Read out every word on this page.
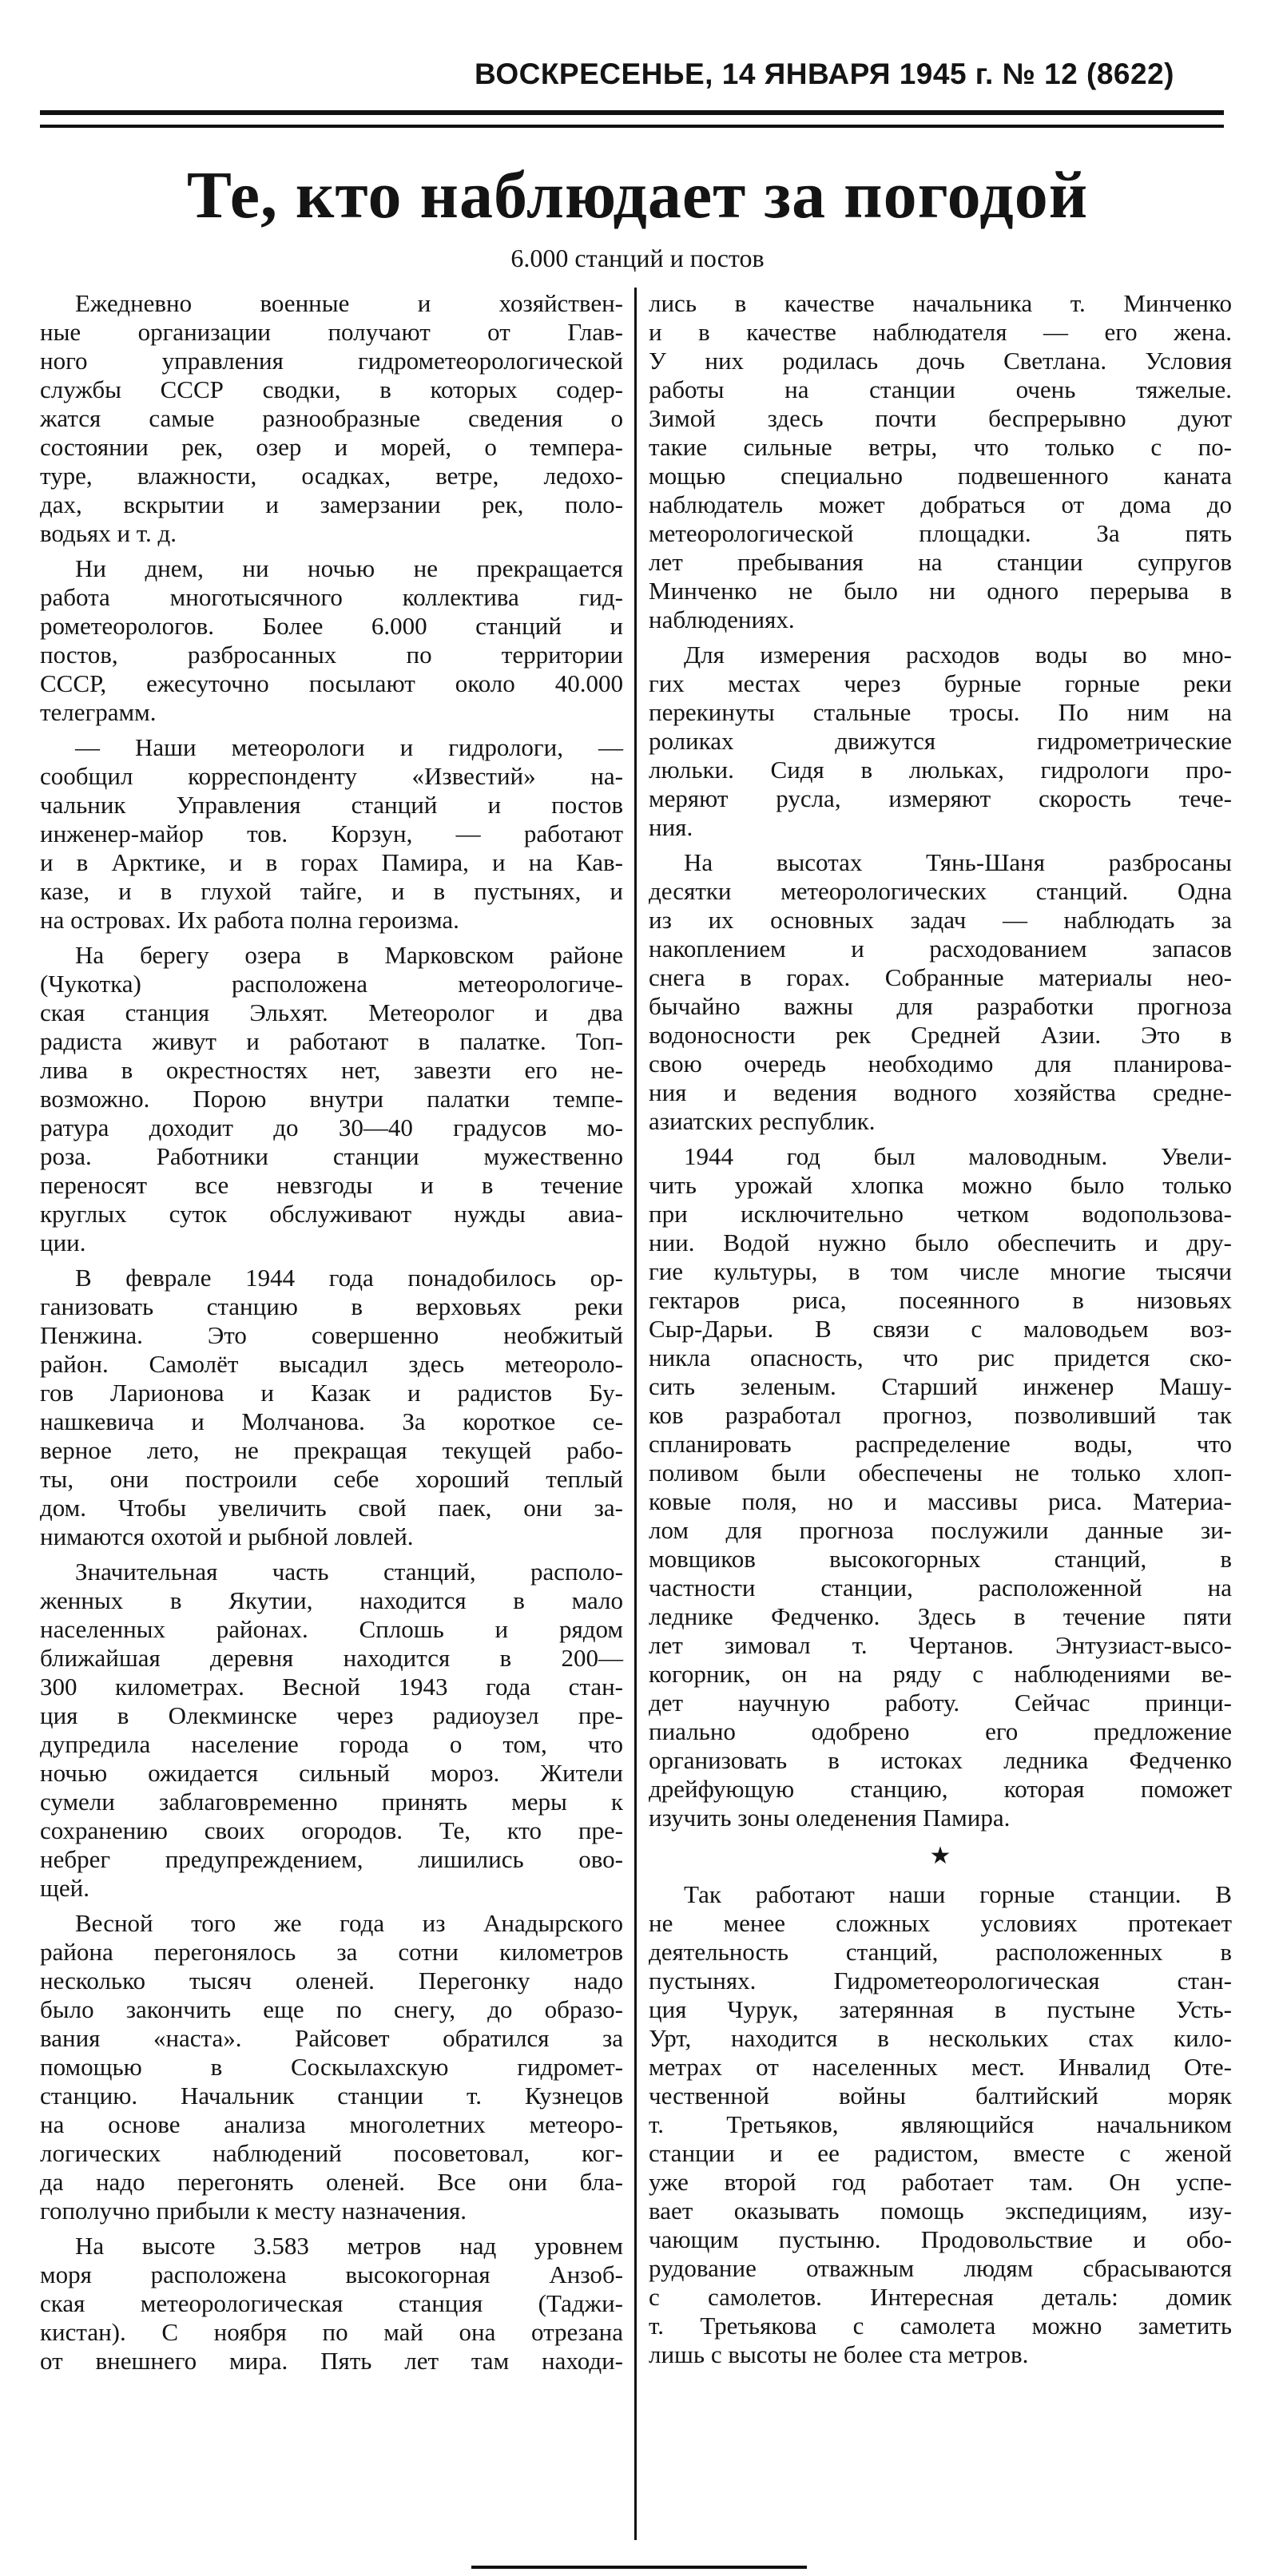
ВОСКРЕСЕНЬЕ, 14 ЯНВАРЯ 1945 г. № 12 (8622)
Те, кто наблюдает за погодой
6.000 станций и постов
Ежедневно военные и хозяйствен-
ные организации получают от Глав-
ного управления гидрометеорологической
службы СССР сводки, в которых содер-
жатся самые разнообразные сведения о
состоянии рек, озер и морей, о темпера-
туре, влажности, осадках, ветре, ледохо-
дах, вскрытии и замерзании рек, поло-
водьях и т. д.
Ни днем, ни ночью не прекращается
работа многотысячного коллектива гид-
рометеорологов. Более 6.000 станций и
постов, разбросанных по территории
СССР, ежесуточно посылают около 40.000
телеграмм.
— Наши метеорологи и гидрологи, —
сообщил корреспонденту «Известий» на-
чальник Управления станций и постов
инженер-майор тов. Корзун, — работают
и в Арктике, и в горах Памира, и на Кав-
казе, и в глухой тайге, и в пустынях, и
на островах. Их работа полна героизма.
На берегу озера в Марковском районе
(Чукотка) расположена метеорологиче-
ская станция Эльхят. Метеоролог и два
радиста живут и работают в палатке. Топ-
лива в окрестностях нет, завезти его не-
возможно. Порою внутри палатки темпе-
ратура доходит до 30—40 градусов мо-
роза. Работники станции мужественно
переносят все невзгоды и в течение
круглых суток обслуживают нужды авиа-
ции.
В феврале 1944 года понадобилось ор-
ганизовать станцию в верховьях реки
Пенжина. Это совершенно необжитый
район. Самолёт высадил здесь метеороло-
гов Ларионова и Казак и радистов Бу-
нашкевича и Молчанова. За короткое се-
верное лето, не прекращая текущей рабо-
ты, они построили себе хороший теплый
дом. Чтобы увеличить свой паек, они за-
нимаются охотой и рыбной ловлей.
Значительная часть станций, располо-
женных в Якутии, находится в мало
населенных районах. Сплошь и рядом
ближайшая деревня находится в 200—
300 километрах. Весной 1943 года стан-
ция в Олекминске через радиоузел пре-
дупредила население города о том, что
ночью ожидается сильный мороз. Жители
сумели заблаговременно принять меры к
сохранению своих огородов. Те, кто пре-
небрег предупреждением, лишились ово-
щей.
Весной того же года из Анадырского
района перегонялось за сотни километров
несколько тысяч оленей. Перегонку надо
было закончить еще по снегу, до образо-
вания «наста». Райсовет обратился за
помощью в Соскылахскую гидромет-
станцию. Начальник станции т. Кузнецов
на основе анализа многолетних метеоро-
логических наблюдений посоветовал, ког-
да надо перегонять оленей. Все они бла-
гополучно прибыли к месту назначения.
На высоте 3.583 метров над уровнем
моря расположена высокогорная Анзоб-
ская метеорологическая станция (Таджи-
кистан). С ноября по май она отрезана
от внешнего мира. Пять лет там находи-
лись в качестве начальника т. Минченко
и в качестве наблюдателя — его жена.
У них родилась дочь Светлана. Условия
работы на станции очень тяжелые.
Зимой здесь почти беспрерывно дуют
такие сильные ветры, что только с по-
мощью специально подвешенного каната
наблюдатель может добраться от дома до
метеорологической площадки. За пять
лет пребывания на станции супругов
Минченко не было ни одного перерыва в
наблюдениях.
Для измерения расходов воды во мно-
гих местах через бурные горные реки
перекинуты стальные тросы. По ним на
роликах движутся гидрометрические
люльки. Сидя в люльках, гидрологи про-
меряют русла, измеряют скорость тече-
ния.
На высотах Тянь-Шаня разбросаны
десятки метеорологических станций. Одна
из их основных задач — наблюдать за
накоплением и расходованием запасов
снега в горах. Собранные материалы нео-
бычайно важны для разработки прогноза
водоносности рек Средней Азии. Это в
свою очередь необходимо для планирова-
ния и ведения водного хозяйства средне-
азиатских республик.
1944 год был маловодным. Увели-
чить урожай хлопка можно было только
при исключительно четком водопользова-
нии. Водой нужно было обеспечить и дру-
гие культуры, в том числе многие тысячи
гектаров риса, посеянного в низовьях
Сыр-Дарьи. В связи с маловодьем воз-
никла опасность, что рис придется ско-
сить зеленым. Старший инженер Машу-
ков разработал прогноз, позволивший так
спланировать распределение воды, что
поливом были обеспечены не только хлоп-
ковые поля, но и массивы риса. Материа-
лом для прогноза послужили данные зи-
мовщиков высокогорных станций, в
частности станции, расположенной на
леднике Федченко. Здесь в течение пяти
лет зимовал т. Чертанов. Энтузиаст-высо-
когорник, он на ряду с наблюдениями ве-
дет научную работу. Сейчас принци-
пиально одобрено его предложение
организовать в истоках ледника Федченко
дрейфующую станцию, которая поможет
изучить зоны оледенения Памира.
★
Так работают наши горные станции. В
не менее сложных условиях протекает
деятельность станций, расположенных в
пустынях. Гидрометеорологическая стан-
ция Чурук, затерянная в пустыне Усть-
Урт, находится в нескольких стах кило-
метрах от населенных мест. Инвалид Оте-
чественной войны балтийский моряк
т. Третьяков, являющийся начальником
станции и ее радистом, вместе с женой
уже второй год работает там. Он успе-
вает оказывать помощь экспедициям, изу-
чающим пустыню. Продовольствие и обо-
рудование отважным людям сбрасываются
с самолетов. Интересная деталь: домик
т. Третьякова с самолета можно заметить
лишь с высоты не более ста метров.
